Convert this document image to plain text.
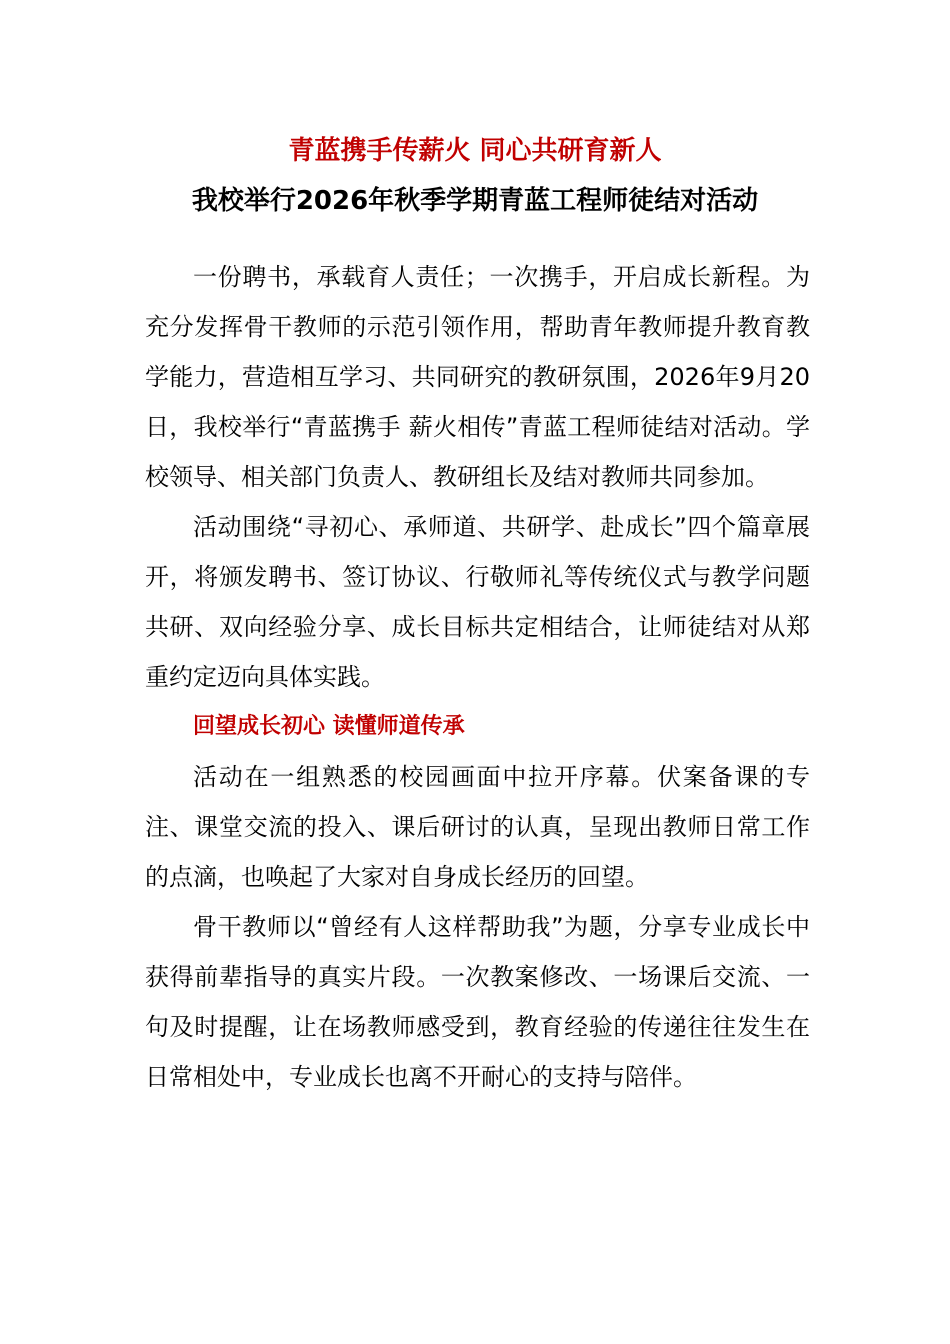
青蓝携手传薪火 同心共研育新人
我校举行2026年秋季学期青蓝工程师徒结对活动

一份聘书，承载育人责任；一次携手，开启成长新程。为充分发挥骨干教师的示范引领作用，帮助青年教师提升教育教学能力，营造相互学习、共同研究的教研氛围，2026年9月20日，我校举行“青蓝携手 薪火相传”青蓝工程师徒结对活动。学校领导、相关部门负责人、教研组长及结对教师共同参加。

活动围绕“寻初心、承师道、共研学、赴成长”四个篇章展开，将颁发聘书、签订协议、行敬师礼等传统仪式与教学问题共研、双向经验分享、成长目标共定相结合，让师徒结对从郑重约定迈向具体实践。

回望成长初心 读懂师道传承

活动在一组熟悉的校园画面中拉开序幕。伏案备课的专注、课堂交流的投入、课后研讨的认真，呈现出教师日常工作的点滴，也唤起了大家对自身成长经历的回望。

骨干教师以“曾经有人这样帮助我”为题，分享专业成长中获得前辈指导的真实片段。一次教案修改、一场课后交流、一句及时提醒，让在场教师感受到，教育经验的传递往往发生在日常相处中，专业成长也离不开耐心的支持与陪伴。
